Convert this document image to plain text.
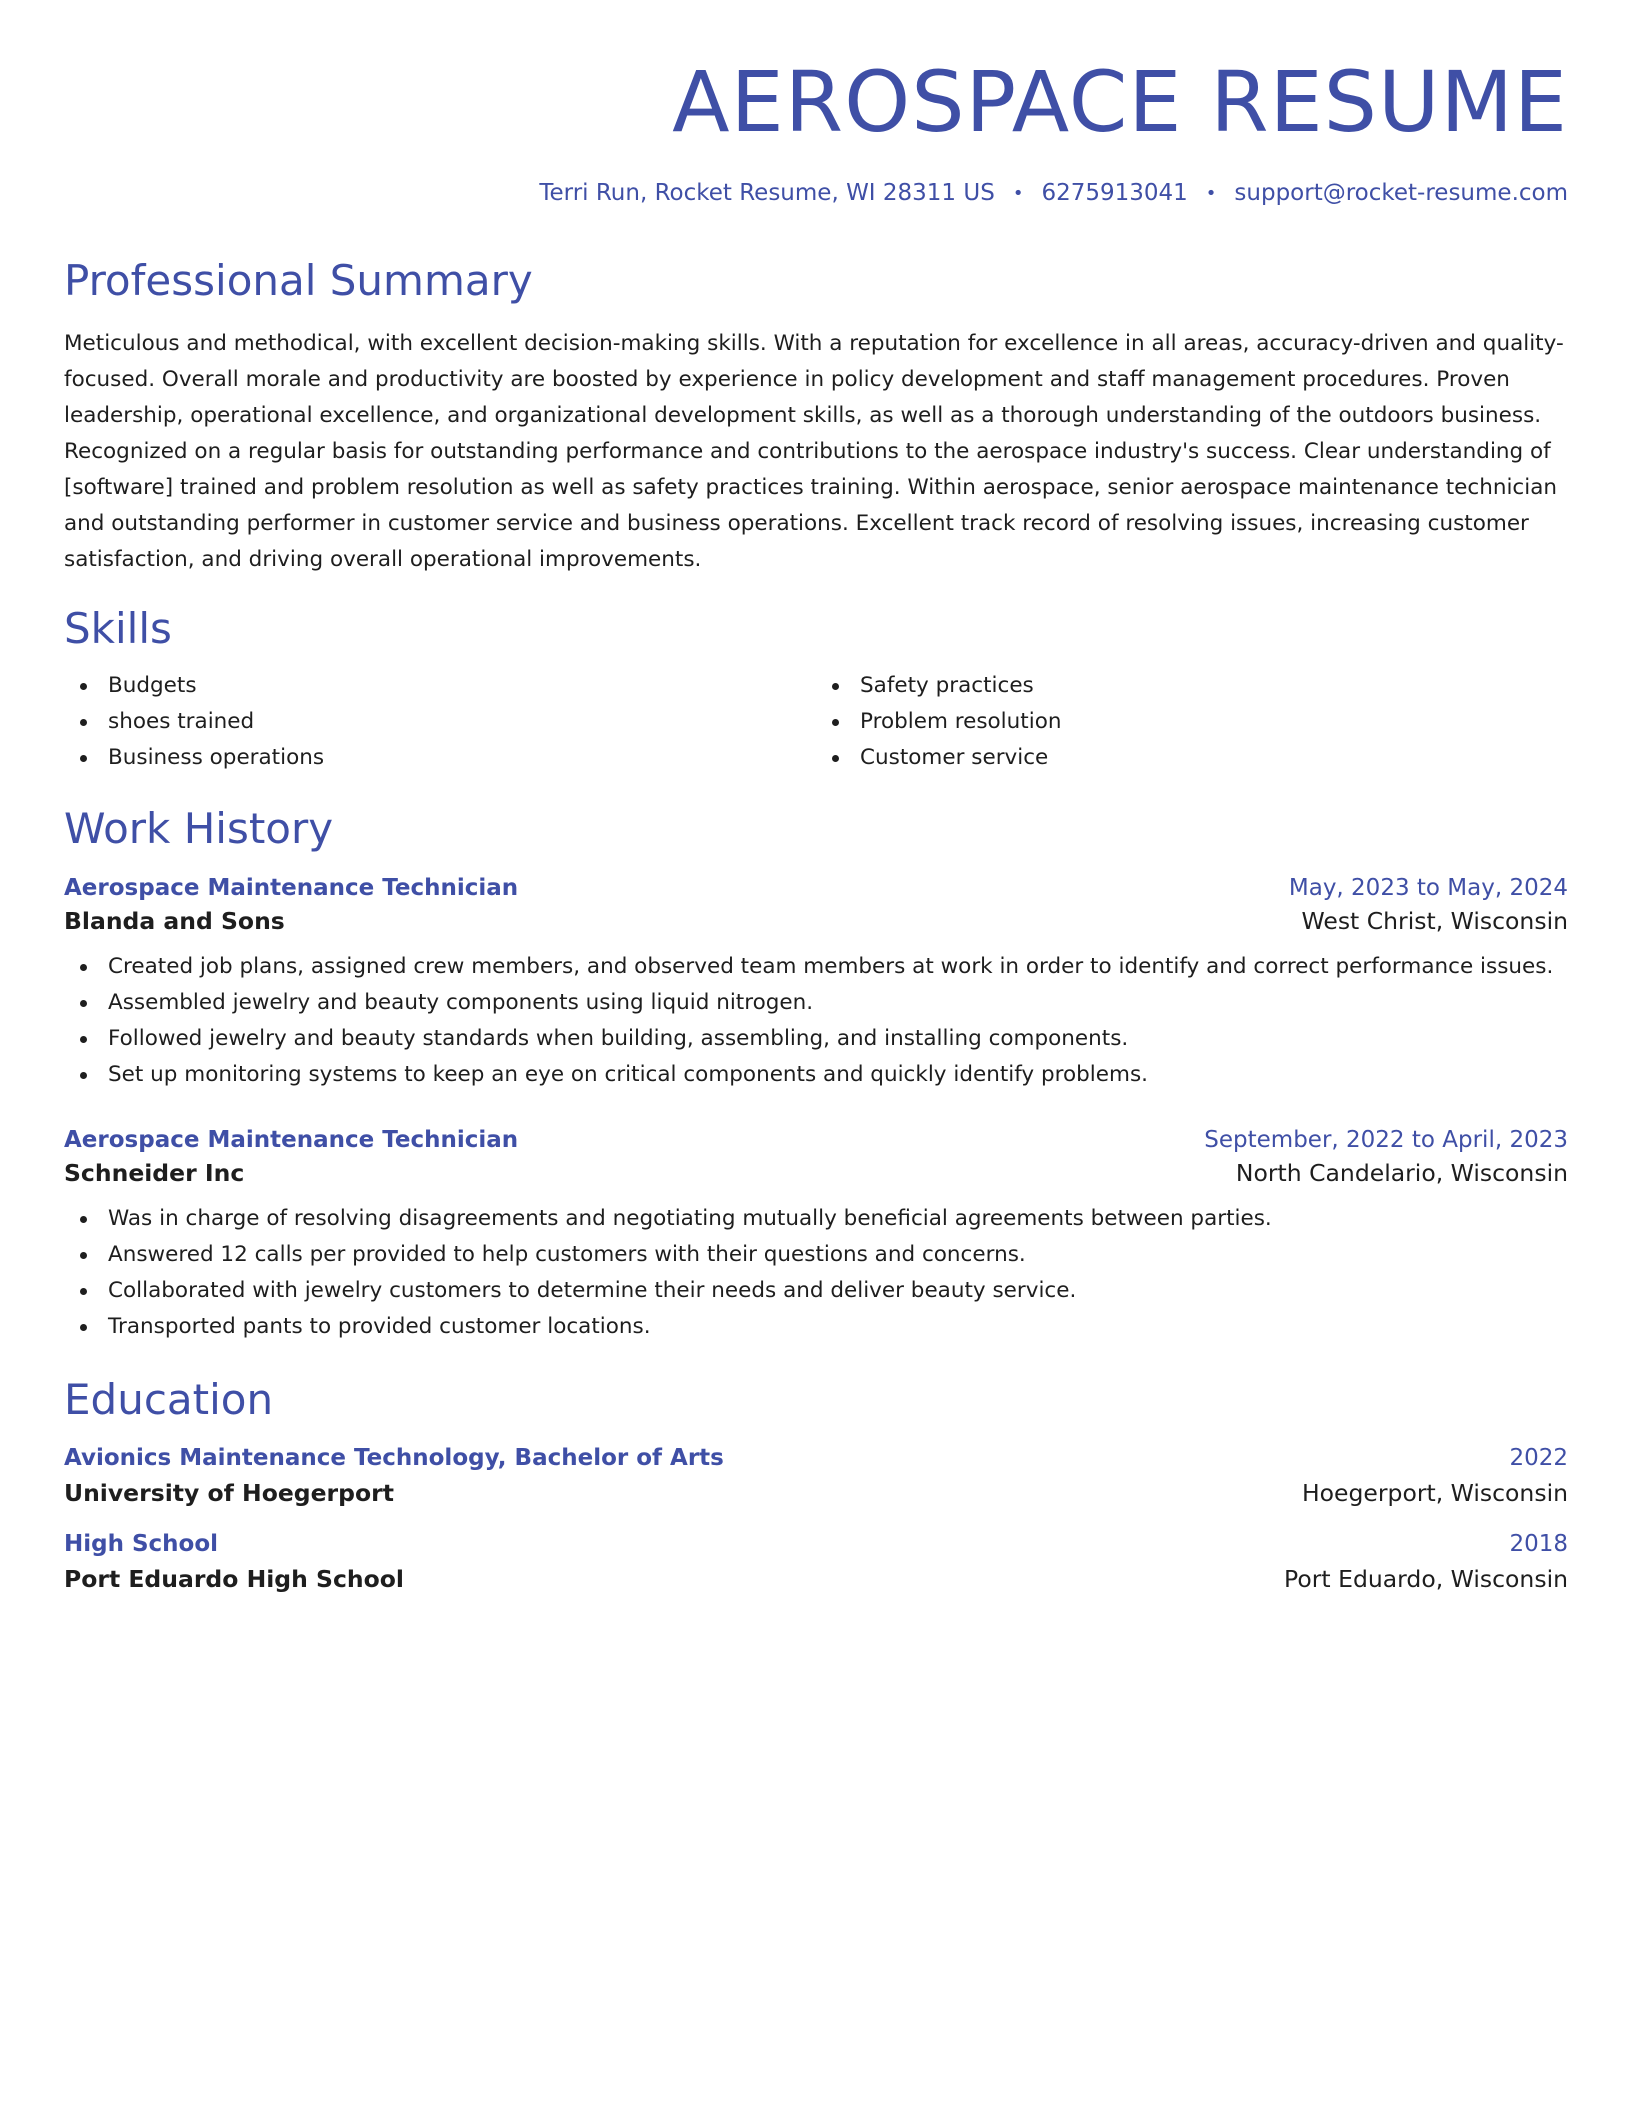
AEROSPACE RESUME
Terri Run, Rocket Resume, WI 28311 US • 6275913041 • support@rocket-resume.com
Professional Summary

Meticulous and methodical, with excellent decision-making skills. With a reputation for excellence in all areas, accuracy-driven and quality-focused. Overall morale and productivity are boosted by experience in policy development and staff management procedures. Proven leadership, operational excellence, and organizational development skills, as well as a thorough understanding of the outdoors business. Recognized on a regular basis for outstanding performance and contributions to the aerospace industry's success. Clear understanding of [software] trained and problem resolution as well as safety practices training. Within aerospace, senior aerospace maintenance technician and outstanding performer in customer service and business operations. Excellent track record of resolving issues, increasing customer satisfaction, and driving overall operational improvements.

Skills
Budgets
shoes trained
Business operations
Safety practices
Problem resolution
Customer service
Work History
Aerospace Maintenance Technician	May, 2023 to May, 2024
Blanda and Sons	West Christ, Wisconsin
Created job plans, assigned crew members, and observed team members at work in order to identify and correct performance issues.
Assembled jewelry and beauty components using liquid nitrogen.
Followed jewelry and beauty standards when building, assembling, and installing components.
Set up monitoring systems to keep an eye on critical components and quickly identify problems.
Aerospace Maintenance Technician	September, 2022 to April, 2023
Schneider Inc	North Candelario, Wisconsin
Was in charge of resolving disagreements and negotiating mutually beneficial agreements between parties.
Answered 12 calls per provided to help customers with their questions and concerns.
Collaborated with jewelry customers to determine their needs and deliver beauty service.
Transported pants to provided customer locations.
Education
Avionics Maintenance Technology, Bachelor of Arts	2022
University of Hoegerport	Hoegerport, Wisconsin
High School	2018
Port Eduardo High School	Port Eduardo, Wisconsin
